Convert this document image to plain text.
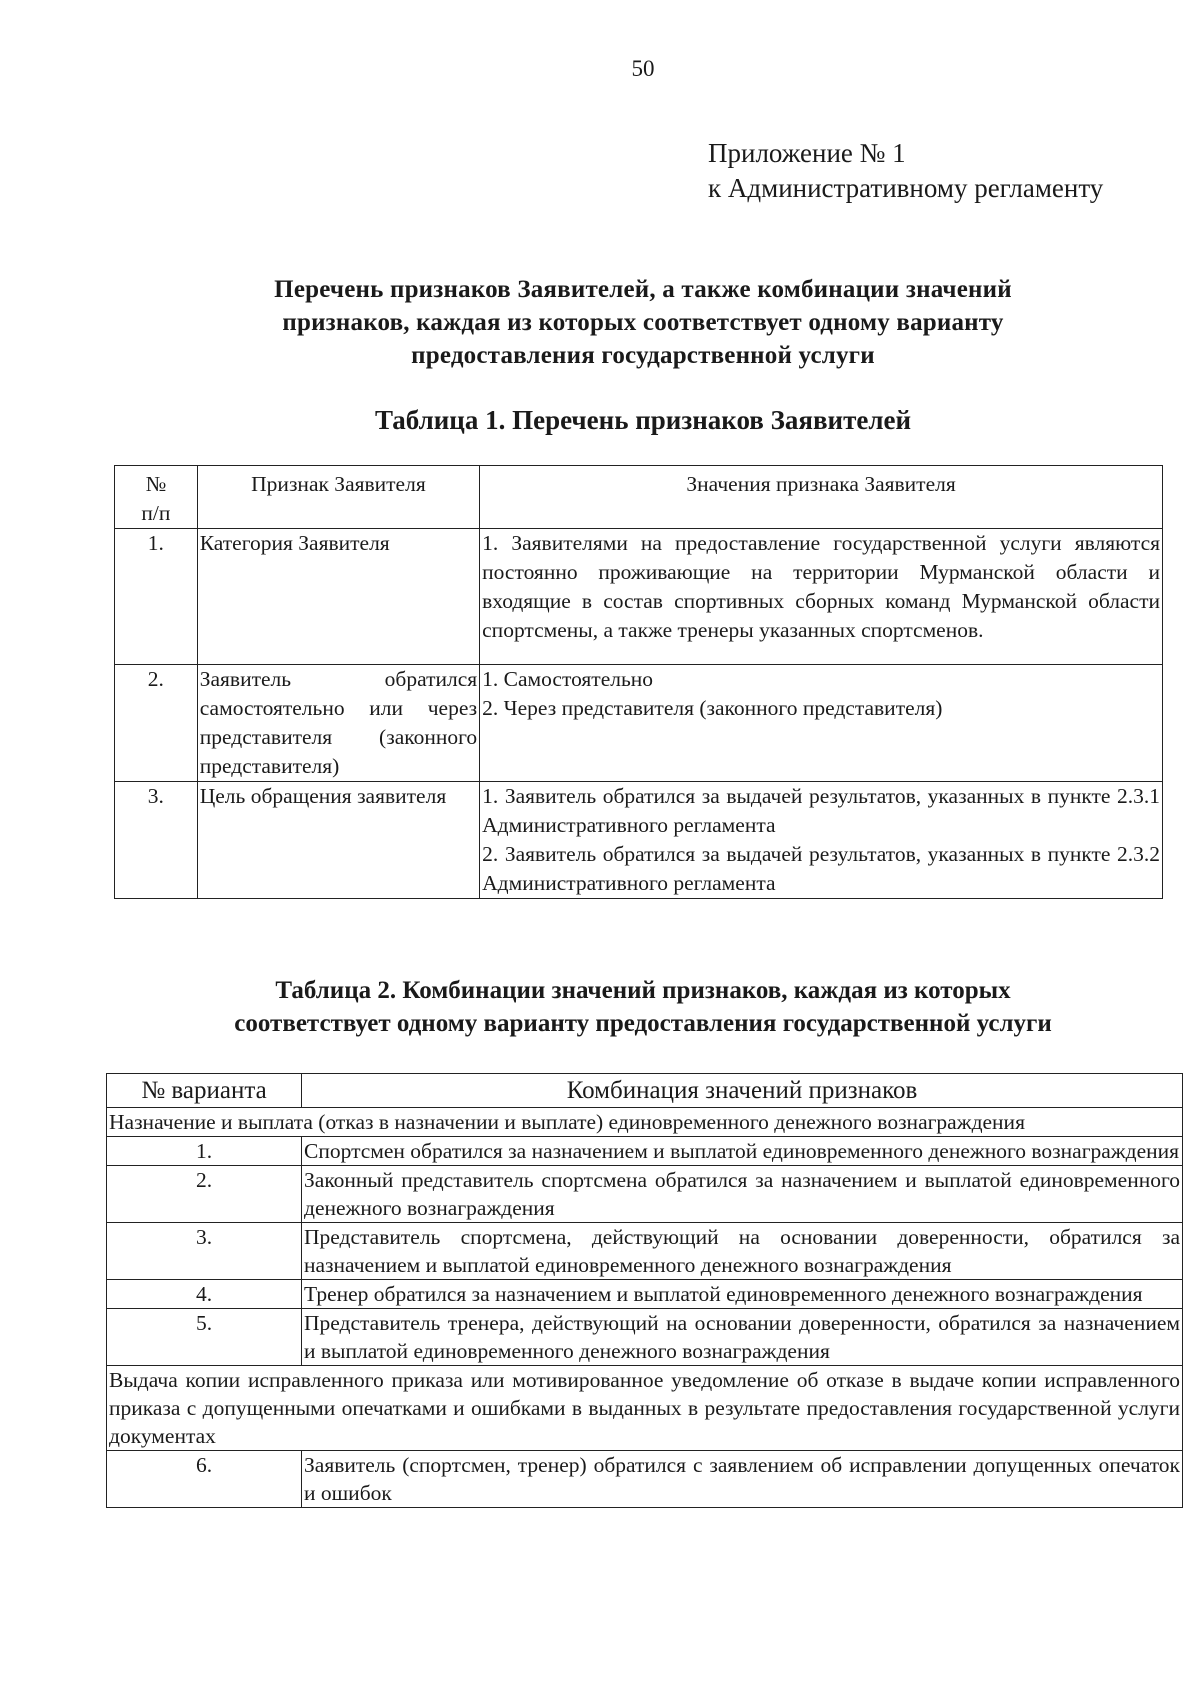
50
Приложение № 1
к Административному регламенту
Перечень признаков Заявителей, а также комбинации значений
признаков, каждая из которых соответствует одному варианту
предоставления государственной услуги
Таблица 1. Перечень признаков Заявителей
№
п/п	Признак Заявителя	Значения признака Заявителя
1.	Категория Заявителя	1. Заявителями на предоставление государственной услуги являются постоянно проживающие на территории Мурманской области и входящие в состав спортивных сборных команд Мурманской области спортсмены, а также тренеры указанных спортсменов.

2.	Заявитель обратился самостоятельно или через представителя (законного представителя)	1. Самостоятельно
2. Через представителя (законного представителя)

3.	Цель обращения заявителя	1. Заявитель обратился за выдачей результатов, указанных в пункте 2.3.1 Административного регламента
2. Заявитель обратился за выдачей результатов, указанных в пункте 2.3.2 Административного регламента
Таблица 2. Комбинации значений признаков, каждая из которых
соответствует одному варианту предоставления государственной услуги
№ варианта	Комбинация значений признаков
Назначение и выплата (отказ в назначении и выплате) единовременного денежного вознаграждения	
1.	Спортсмен обратился за назначением и выплатой единовременного денежного вознаграждения
2.	Законный представитель спортсмена обратился за назначением и выплатой единовременного денежного вознаграждения
3.	Представитель спортсмена, действующий на основании доверенности, обратился за назначением и выплатой единовременного денежного вознаграждения
4.	Тренер обратился за назначением и выплатой единовременного денежного вознаграждения
5.	Представитель тренера, действующий на основании доверенности, обратился за назначением и выплатой единовременного денежного вознаграждения
Выдача копии исправленного приказа или мотивированное уведомление об отказе в выдаче копии исправленного приказа с допущенными опечатками и ошибками в выданных в результате предоставления государственной услуги документах	
6.	Заявитель (спортсмен, тренер) обратился с заявлением об исправлении допущенных опечаток и ошибок
